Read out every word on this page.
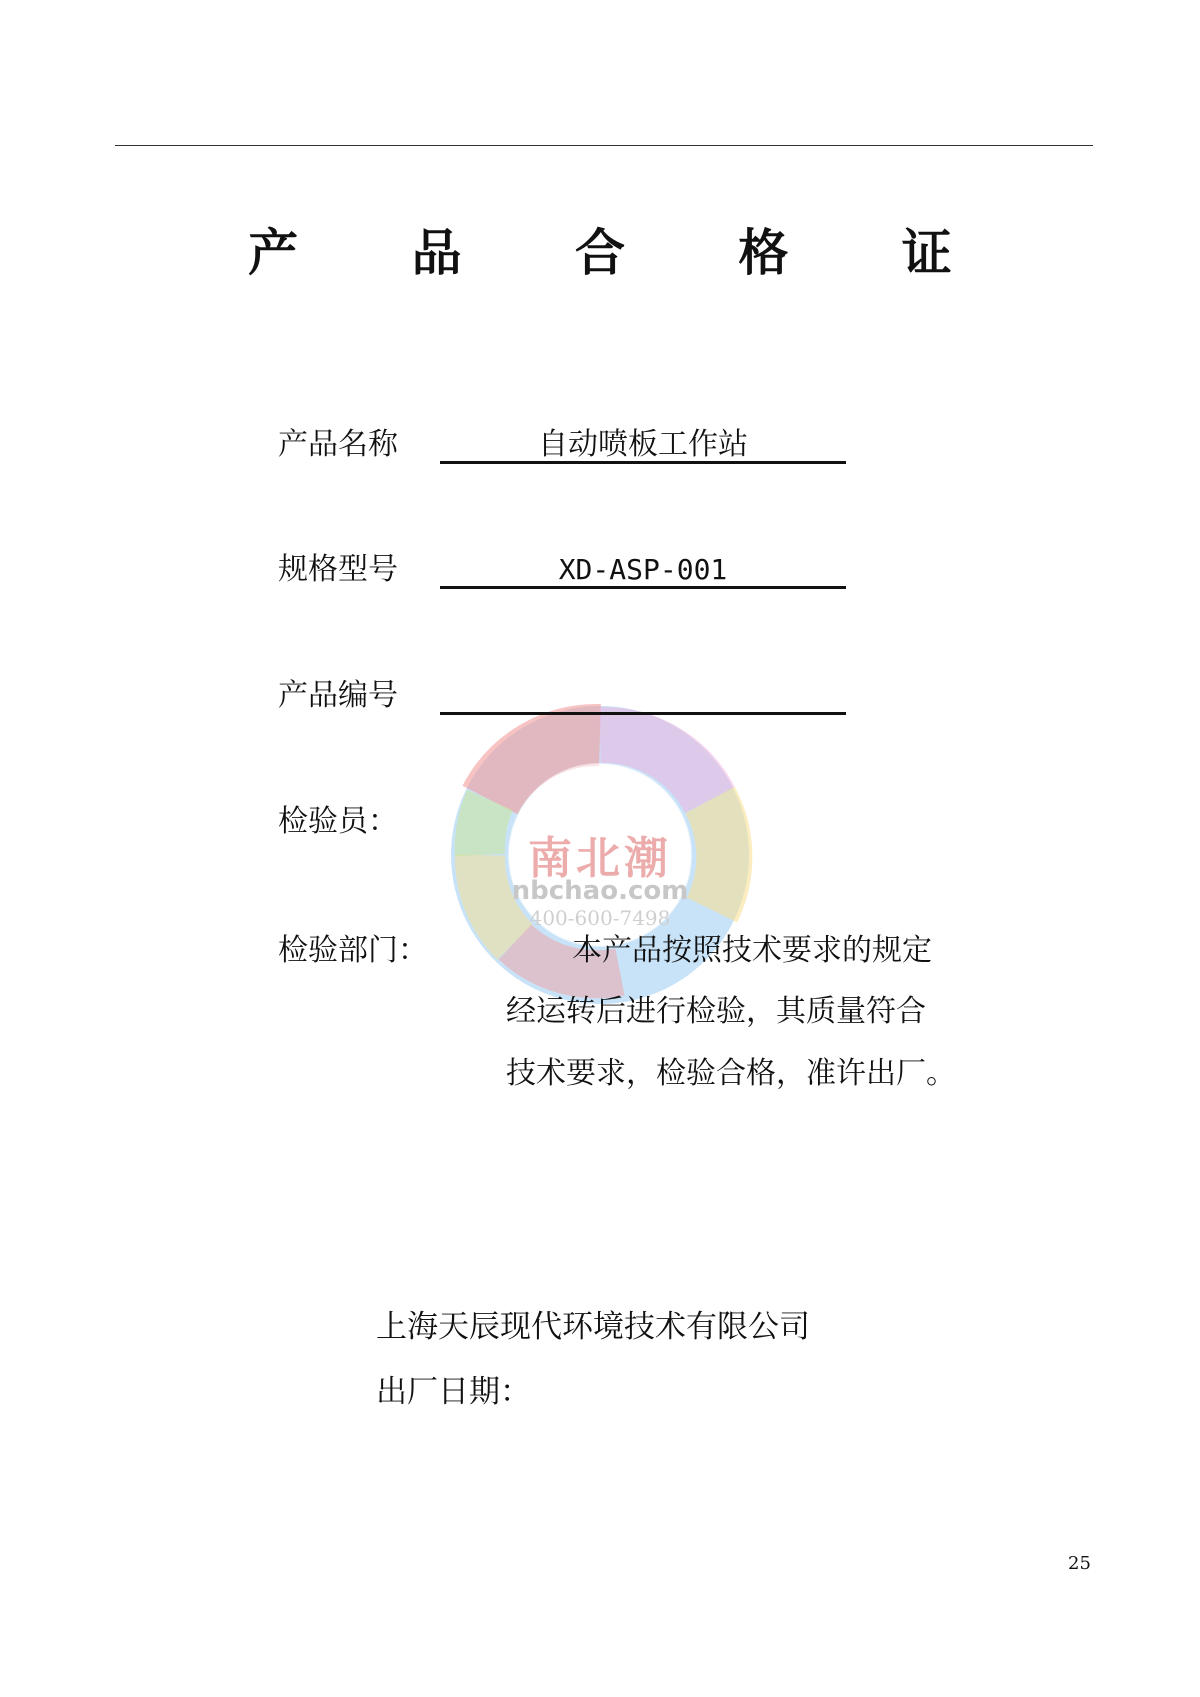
产 品 合 格 证
南北潮
nbchao.com
400-600-7498
产品名称	自动喷板工作站
规格型号	XD-ASP-001
产品编号
检验员：
检验部门：	本产品按照技术要求的规定
经运转后进行检验，其质量符合
技术要求，检验合格，准许出厂。
上海天辰现代环境技术有限公司
出厂日期：
25
